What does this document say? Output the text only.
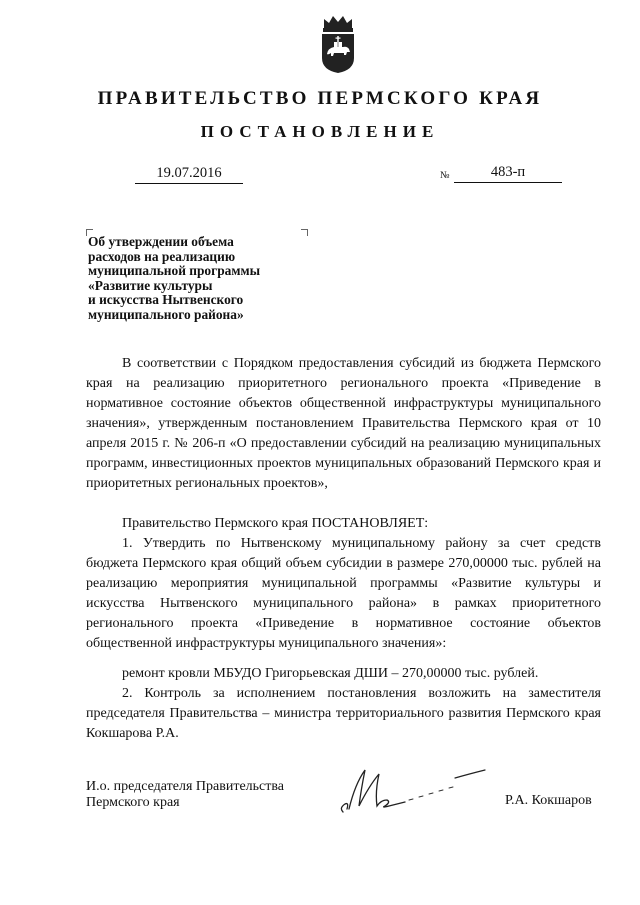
ПРАВИТЕЛЬСТВО ПЕРМСКОГО КРАЯ
ПОСТАНОВЛЕНИЕ
19.07.2016	№	483-п
Об утверждении объема
расходов на реализацию
муниципальной программы
«Развитие культуры
и искусства Нытвенского
муниципального района»
В соответствии с Порядком предоставления субсидий из бюджета Пермского края на реализацию приоритетного регионального проекта «Приведение в нормативное состояние объектов общественной инфраструктуры муниципального значения», утвержденным постановлением Правительства Пермского края от 10 апреля 2015 г. № 206-п «О предоставлении субсидий на реализацию муниципальных программ, инвестиционных проектов муниципальных образований Пермского края и приоритетных региональных проектов»,
Правительство Пермского края ПОСТАНОВЛЯЕТ:
1. Утвердить по Нытвенскому муниципальному району за счет средств бюджета Пермского края общий объем субсидии в размере 270,00000 тыс. рублей на реализацию мероприятия муниципальной программы «Развитие культуры и искусства Нытвенского муниципального района» в рамках приоритетного регионального проекта «Приведение в нормативное состояние объектов общественной инфраструктуры муниципального значения»:
ремонт кровли МБУДО Григорьевская ДШИ – 270,00000 тыс. рублей.
2. Контроль за исполнением постановления возложить на заместителя председателя Правительства – министра территориального развития Пермского края Кокшарова Р.А.
И.о. председателя Правительства
Пермского края	Р.А. Кокшаров
